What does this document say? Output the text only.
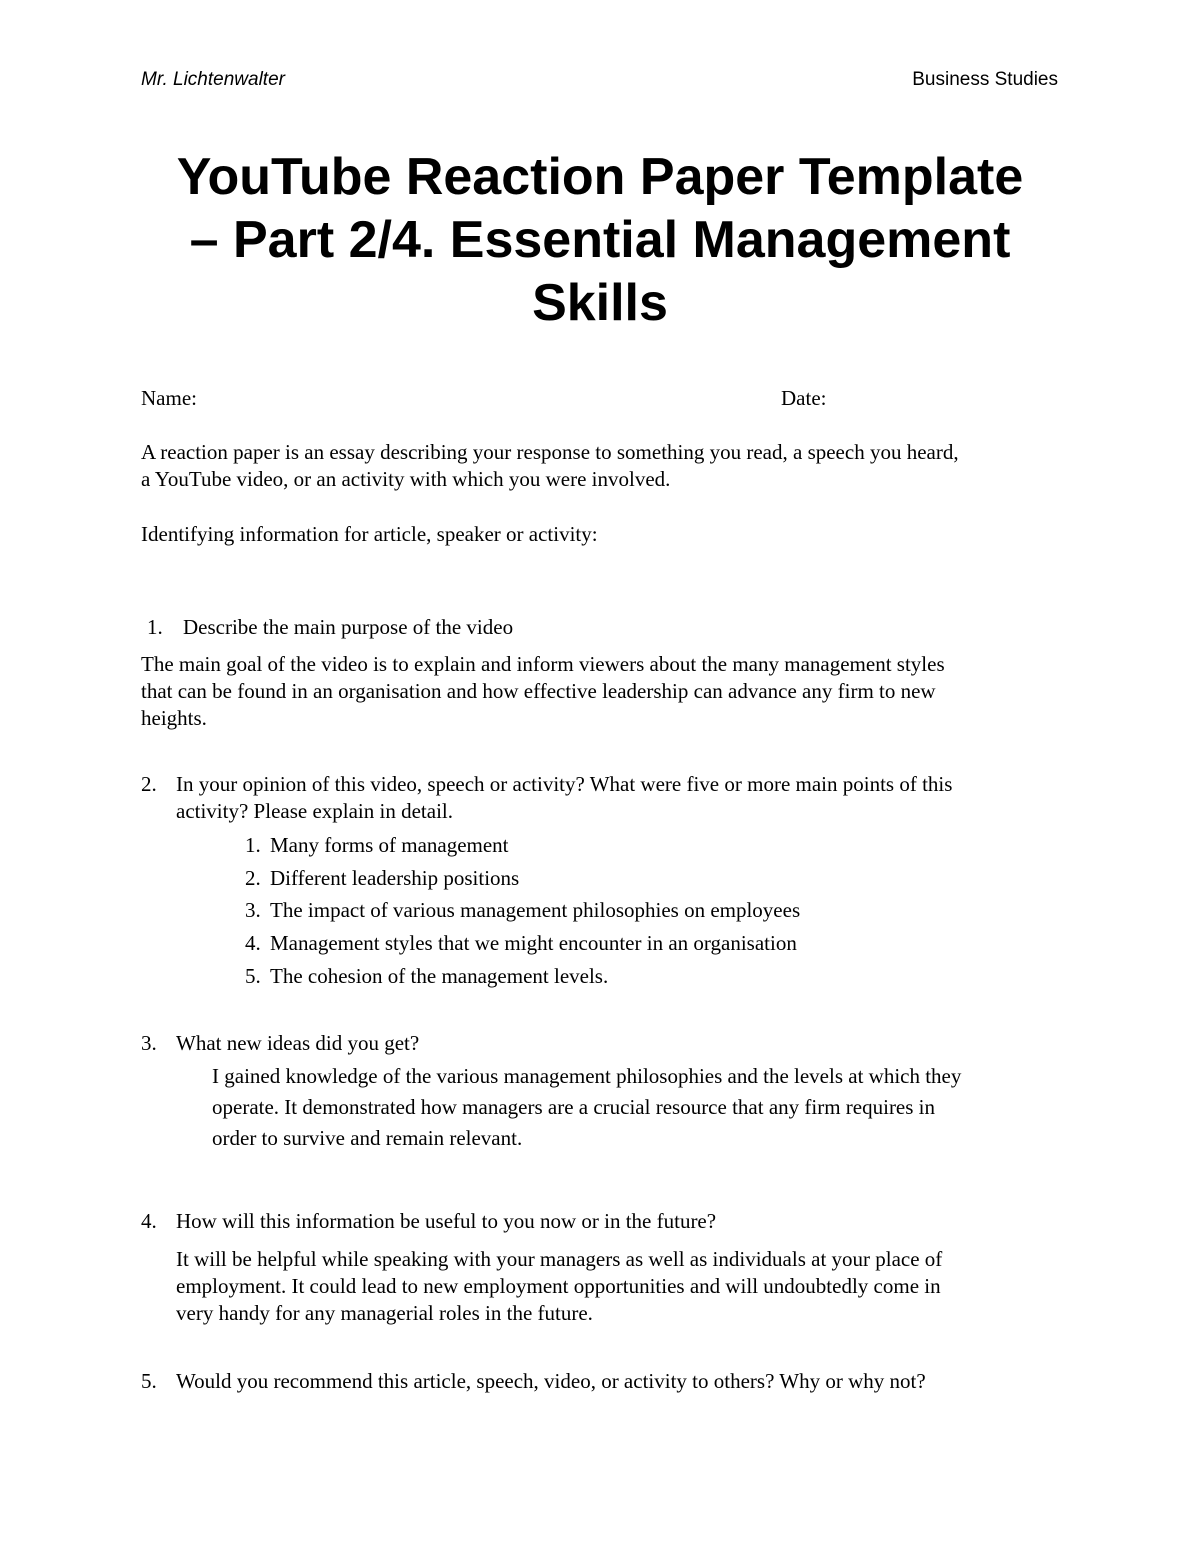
Mr. Lichtenwalter	Business Studies
YouTube Reaction Paper Template
– Part 2/4. Essential Management
Skills
Name:	Date:
A reaction paper is an essay describing your response to something you read, a speech you heard,
a YouTube video, or an activity with which you were involved.
Identifying information for article, speaker or activity:
1. Describe the main purpose of the video
The main goal of the video is to explain and inform viewers about the many management styles
that can be found in an organisation and how effective leadership can advance any firm to new
heights.
2. In your opinion of this video, speech or activity? What were five or more main points of this
activity? Please explain in detail.
1. Many forms of management
2. Different leadership positions
3. The impact of various management philosophies on employees
4. Management styles that we might encounter in an organisation
5. The cohesion of the management levels.
3. What new ideas did you get?
I gained knowledge of the various management philosophies and the levels at which they
operate. It demonstrated how managers are a crucial resource that any firm requires in
order to survive and remain relevant.
4. How will this information be useful to you now or in the future?
It will be helpful while speaking with your managers as well as individuals at your place of
employment. It could lead to new employment opportunities and will undoubtedly come in
very handy for any managerial roles in the future.
5. Would you recommend this article, speech, video, or activity to others? Why or why not?
